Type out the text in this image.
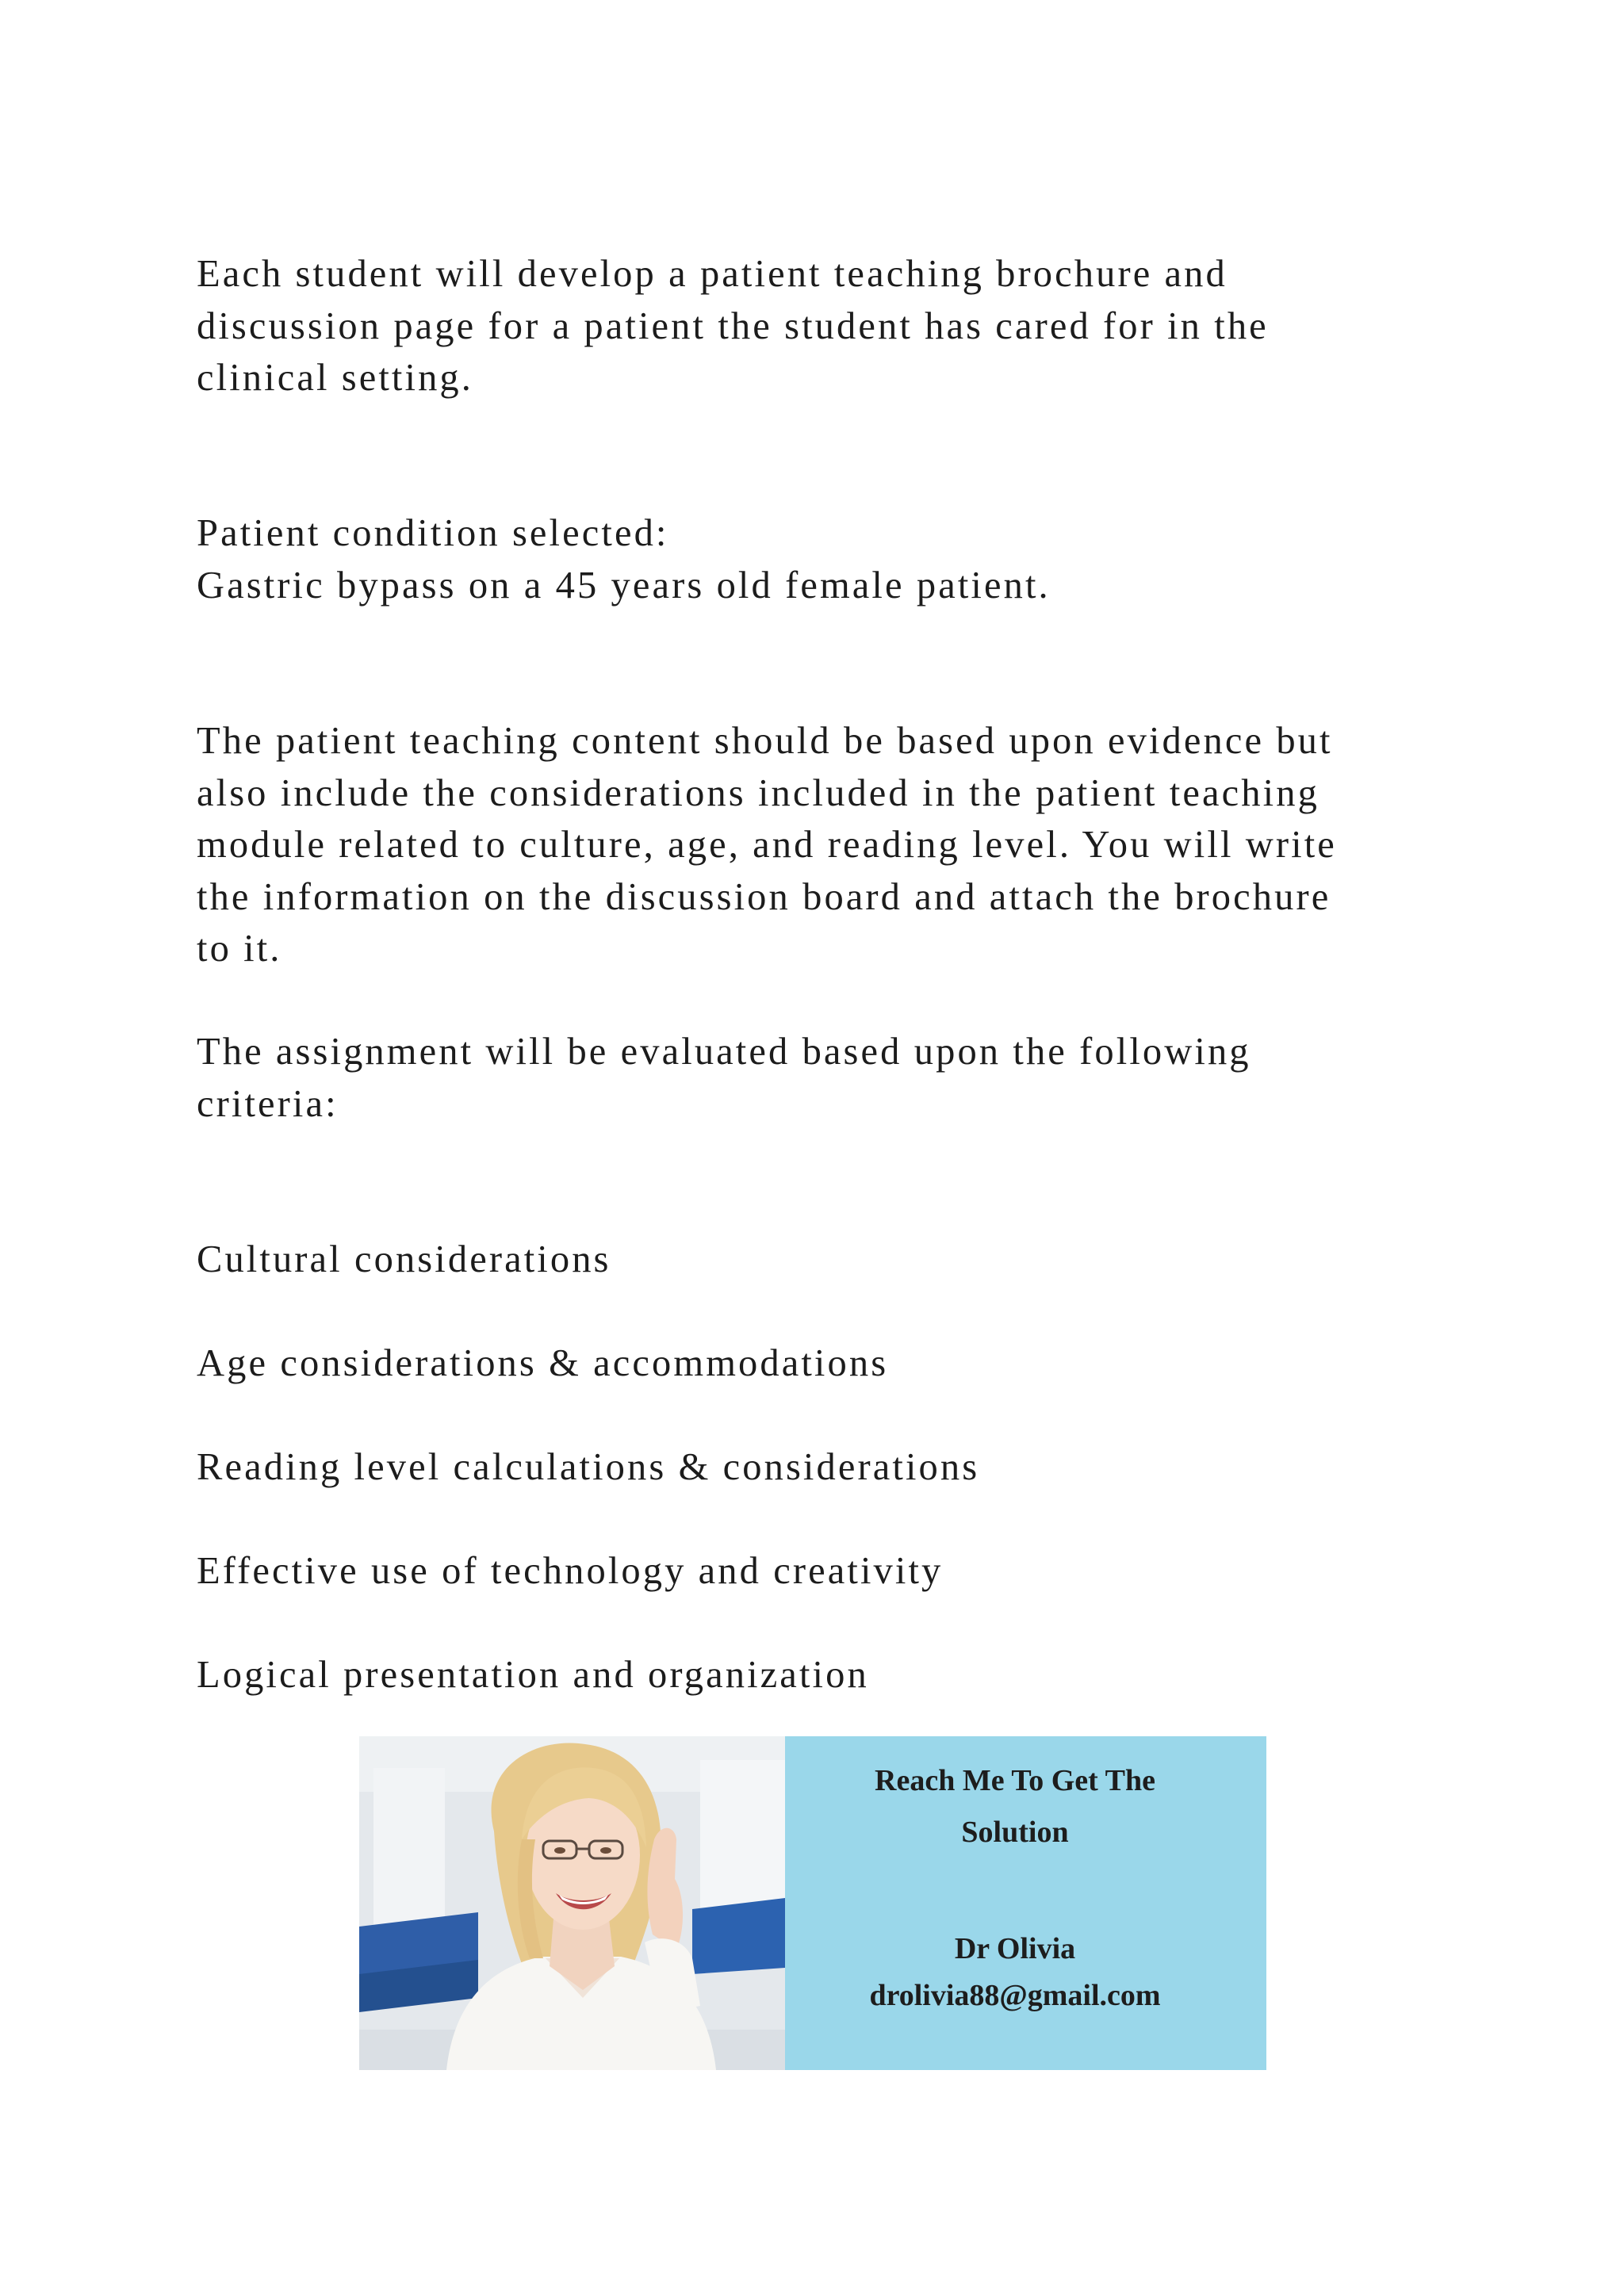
Each student will develop a patient teaching brochure and
discussion page for a patient the student has cared for in the
clinical setting.

Patient condition selected:
Gastric bypass on a 45 years old female patient.

The patient teaching content should be based upon evidence but
also include the considerations included in the patient teaching
module related to culture, age, and reading level. You will write
the information on the discussion board and attach the brochure
to it.

The assignment will be evaluated based upon the following
criteria:

Cultural considerations

Age considerations & accommodations

Reading level calculations & considerations

Effective use of technology and creativity

Logical presentation and organization

Reach Me To Get The
Solution
Dr Olivia
drolivia88@gmail.com
